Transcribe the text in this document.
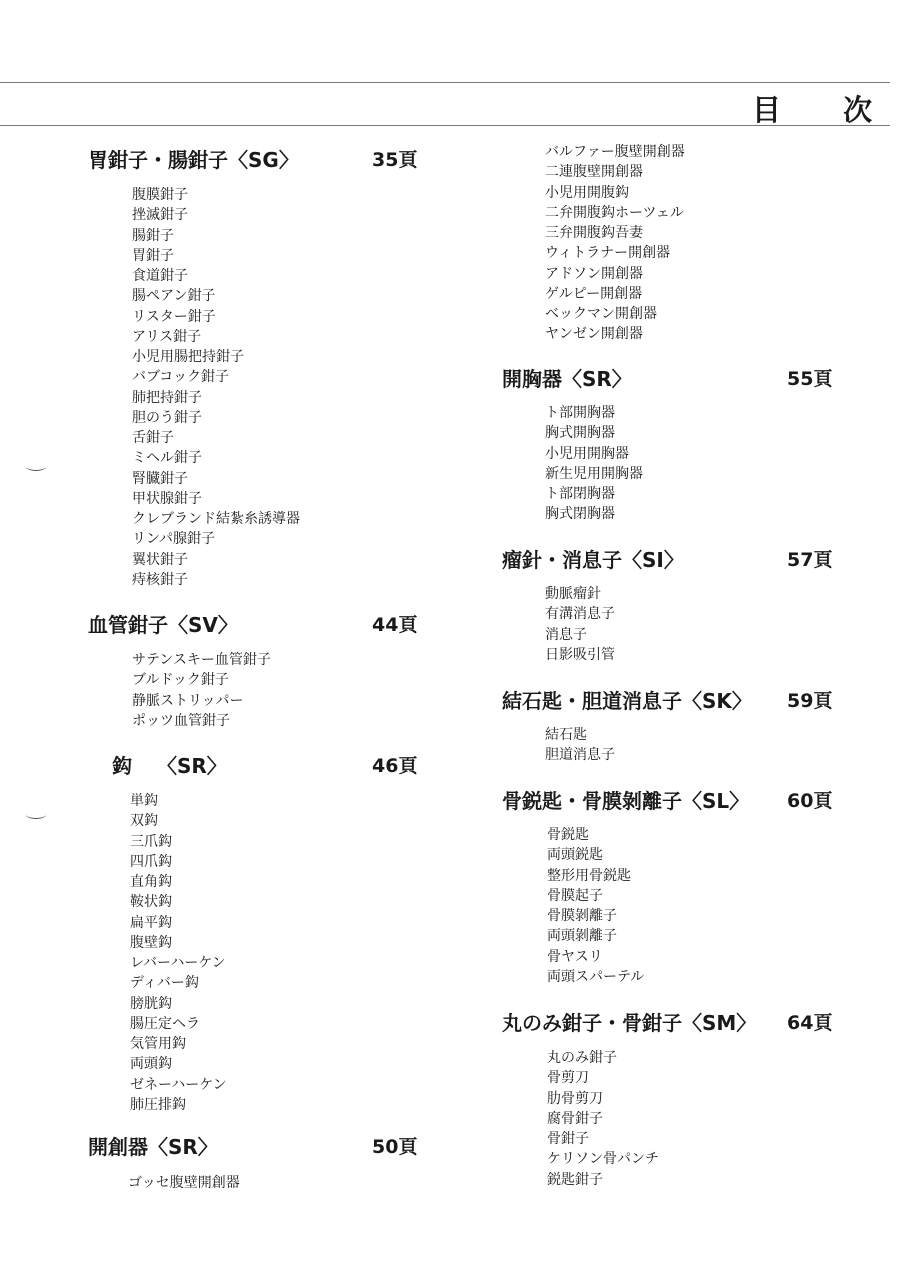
目 次
胃鉗子・腸鉗子〈SG〉	35頁
腹膜鉗子
挫滅鉗子
腸鉗子
胃鉗子
食道鉗子
腸ペアン鉗子
リスター鉗子
アリス鉗子
小児用腸把持鉗子
バブコック鉗子
肺把持鉗子
胆のう鉗子
舌鉗子
ミヘル鉗子
腎臓鉗子
甲状腺鉗子
クレブランド結紮糸誘導器
リンパ腺鉗子
翼状鉗子
痔核鉗子
血管鉗子〈SV〉	44頁
サテンスキー血管鉗子
ブルドック鉗子
静脈ストリッパー
ポッツ血管鉗子
鈎 〈SR〉	46頁
単鈎
双鈎
三爪鈎
四爪鈎
直角鈎
鞍状鈎
扁平鈎
腹壁鈎
レバーハーケン
ディバー鈎
膀胱鈎
腸圧定ヘラ
気管用鈎
両頭鈎
ゼネーハーケン
肺圧排鈎
開創器〈SR〉	50頁
ゴッセ腹壁開創器
バルファー腹壁開創器
二連腹壁開創器
小児用開腹鈎
二弁開腹鈎ホーツェル
三弁開腹鈎吾妻
ウィトラナー開創器
アドソン開創器
ゲルピー開創器
ベックマン開創器
ヤンゼン開創器
開胸器〈SR〉	55頁
ト部開胸器
胸式開胸器
小児用開胸器
新生児用開胸器
ト部閉胸器
胸式閉胸器
瘤針・消息子〈SI〉	57頁
動脈瘤針
有溝消息子
消息子
日影吸引管
結石匙・胆道消息子〈SK〉 59頁
結石匙
胆道消息子
骨鋭匙・骨膜剝離子〈SL〉 60頁
骨鋭匙
両頭鋭匙
整形用骨鋭匙
骨膜起子
骨膜剝離子
両頭剝離子
骨ヤスリ
両頭スパーテル
丸のみ鉗子・骨鉗子〈SM〉 64頁
丸のみ鉗子
骨剪刀
肋骨剪刀
腐骨鉗子
骨鉗子
ケリソン骨パンチ
鋭匙鉗子
